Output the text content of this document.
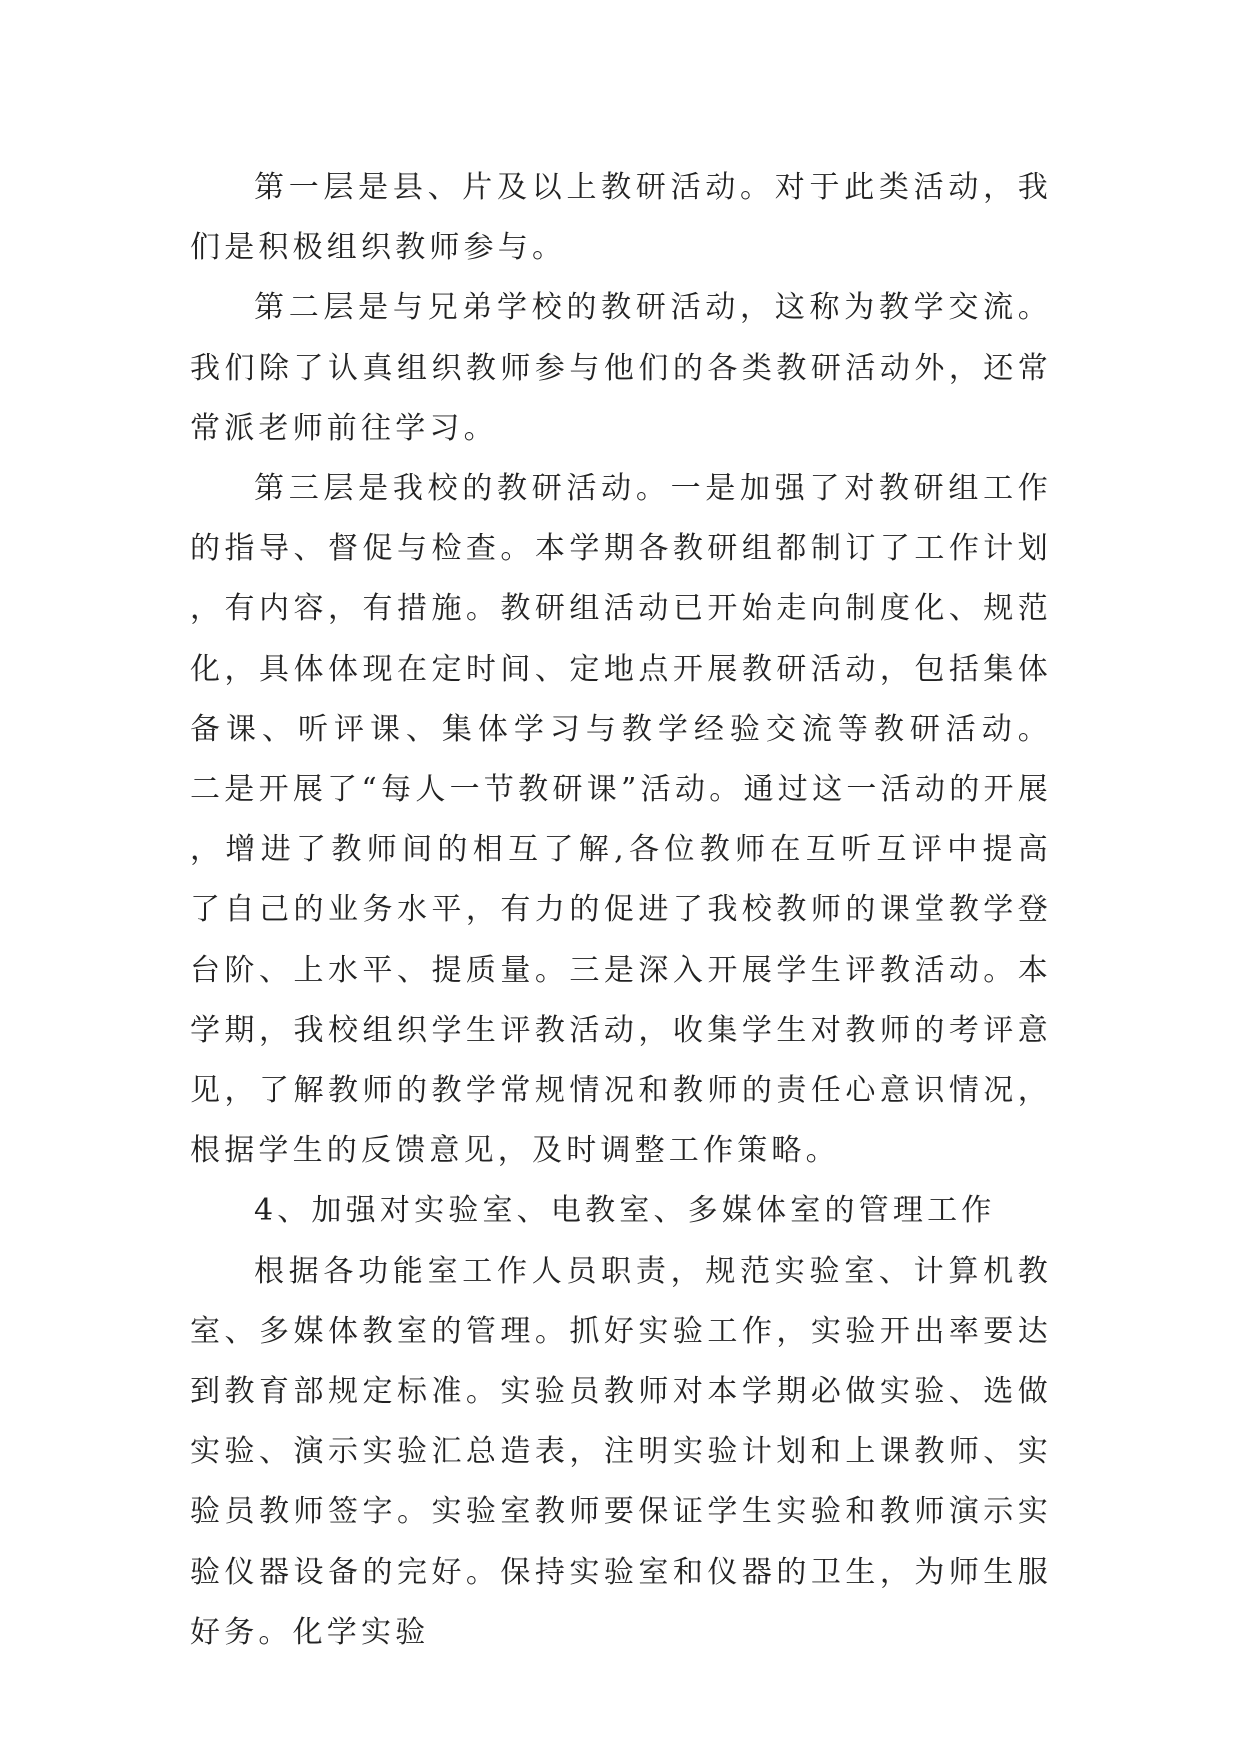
第一层是县、片及以上教研活动。对于此类活动，我们是积极组织教师参与。

第二层是与兄弟学校的教研活动，这称为教学交流。我们除了认真组织教师参与他们的各类教研活动外，还常常派老师前往学习。

第三层是我校的教研活动。一是加强了对教研组工作的指导、督促与检查。本学期各教研组都制订了工作计划，有内容，有措施。教研组活动已开始走向制度化、规范化，具体体现在定时间、定地点开展教研活动，包括集体备课、听评课、集体学习与教学经验交流等教研活动。 二是开展了“每人一节教研课”活动。通过这一活动的开展，增进了教师间的相互了解,各位教师在互听互评中提高了自己的业务水平，有力的促进了我校教师的课堂教学登台阶、上水平、提质量。三是深入开展学生评教活动。本学期，我校组织学生评教活动，收集学生对教师的考评意见，了解教师的教学常规情况和教师的责任心意识情况，根据学生的反馈意见，及时调整工作策略。

4、加强对实验室、电教室、多媒体室的管理工作

根据各功能室工作人员职责，规范实验室、计算机教室、多媒体教室的管理。抓好实验工作，实验开出率要达到教育部规定标准。实验员教师对本学期必做实验、选做实验、演示实验汇总造表，注明实验计划和上课教师、实验员教师签字。实验室教师要保证学生实验和教师演示实验仪器设备的完好。保持实验室和仪器的卫生，为师生服好务。化学实验
